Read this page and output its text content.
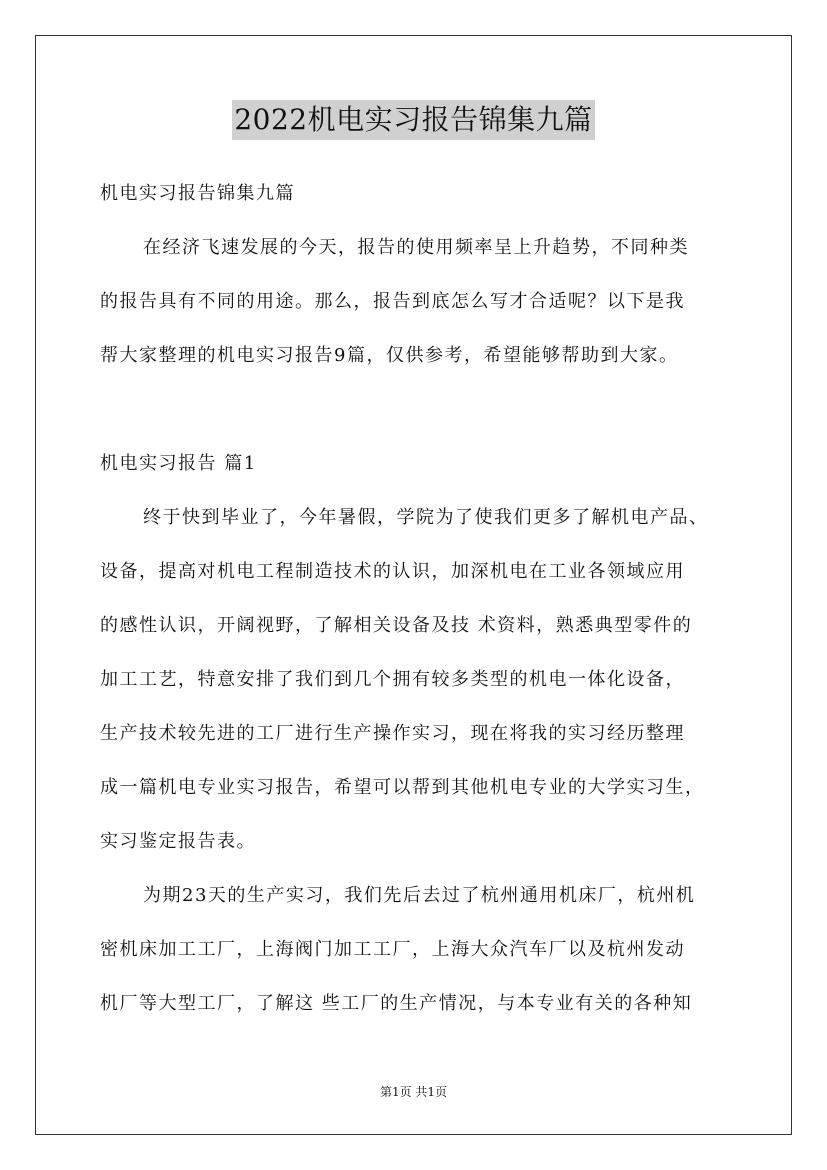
2022机电实习报告锦集九篇
机电实习报告锦集九篇
在经济飞速发展的今天，报告的使用频率呈上升趋势，不同种类
的报告具有不同的用途。那么，报告到底怎么写才合适呢？以下是我
帮大家整理的机电实习报告9篇，仅供参考，希望能够帮助到大家。
机电实习报告 篇1
终于快到毕业了，今年暑假，学院为了使我们更多了解机电产品、
设备，提高对机电工程制造技术的认识，加深机电在工业各领域应用
的感性认识，开阔视野，了解相关设备及技 术资料，熟悉典型零件的
加工工艺，特意安排了我们到几个拥有较多类型的机电一体化设备，
生产技术较先进的工厂进行生产操作实习，现在将我的实习经历整理
成一篇机电专业实习报告，希望可以帮到其他机电专业的大学实习生，
实习鉴定报告表。
为期23天的生产实习，我们先后去过了杭州通用机床厂，杭州机
密机床加工工厂，上海阀门加工工厂，上海大众汽车厂以及杭州发动
机厂等大型工厂，了解这 些工厂的生产情况，与本专业有关的各种知
第1页 共1页
